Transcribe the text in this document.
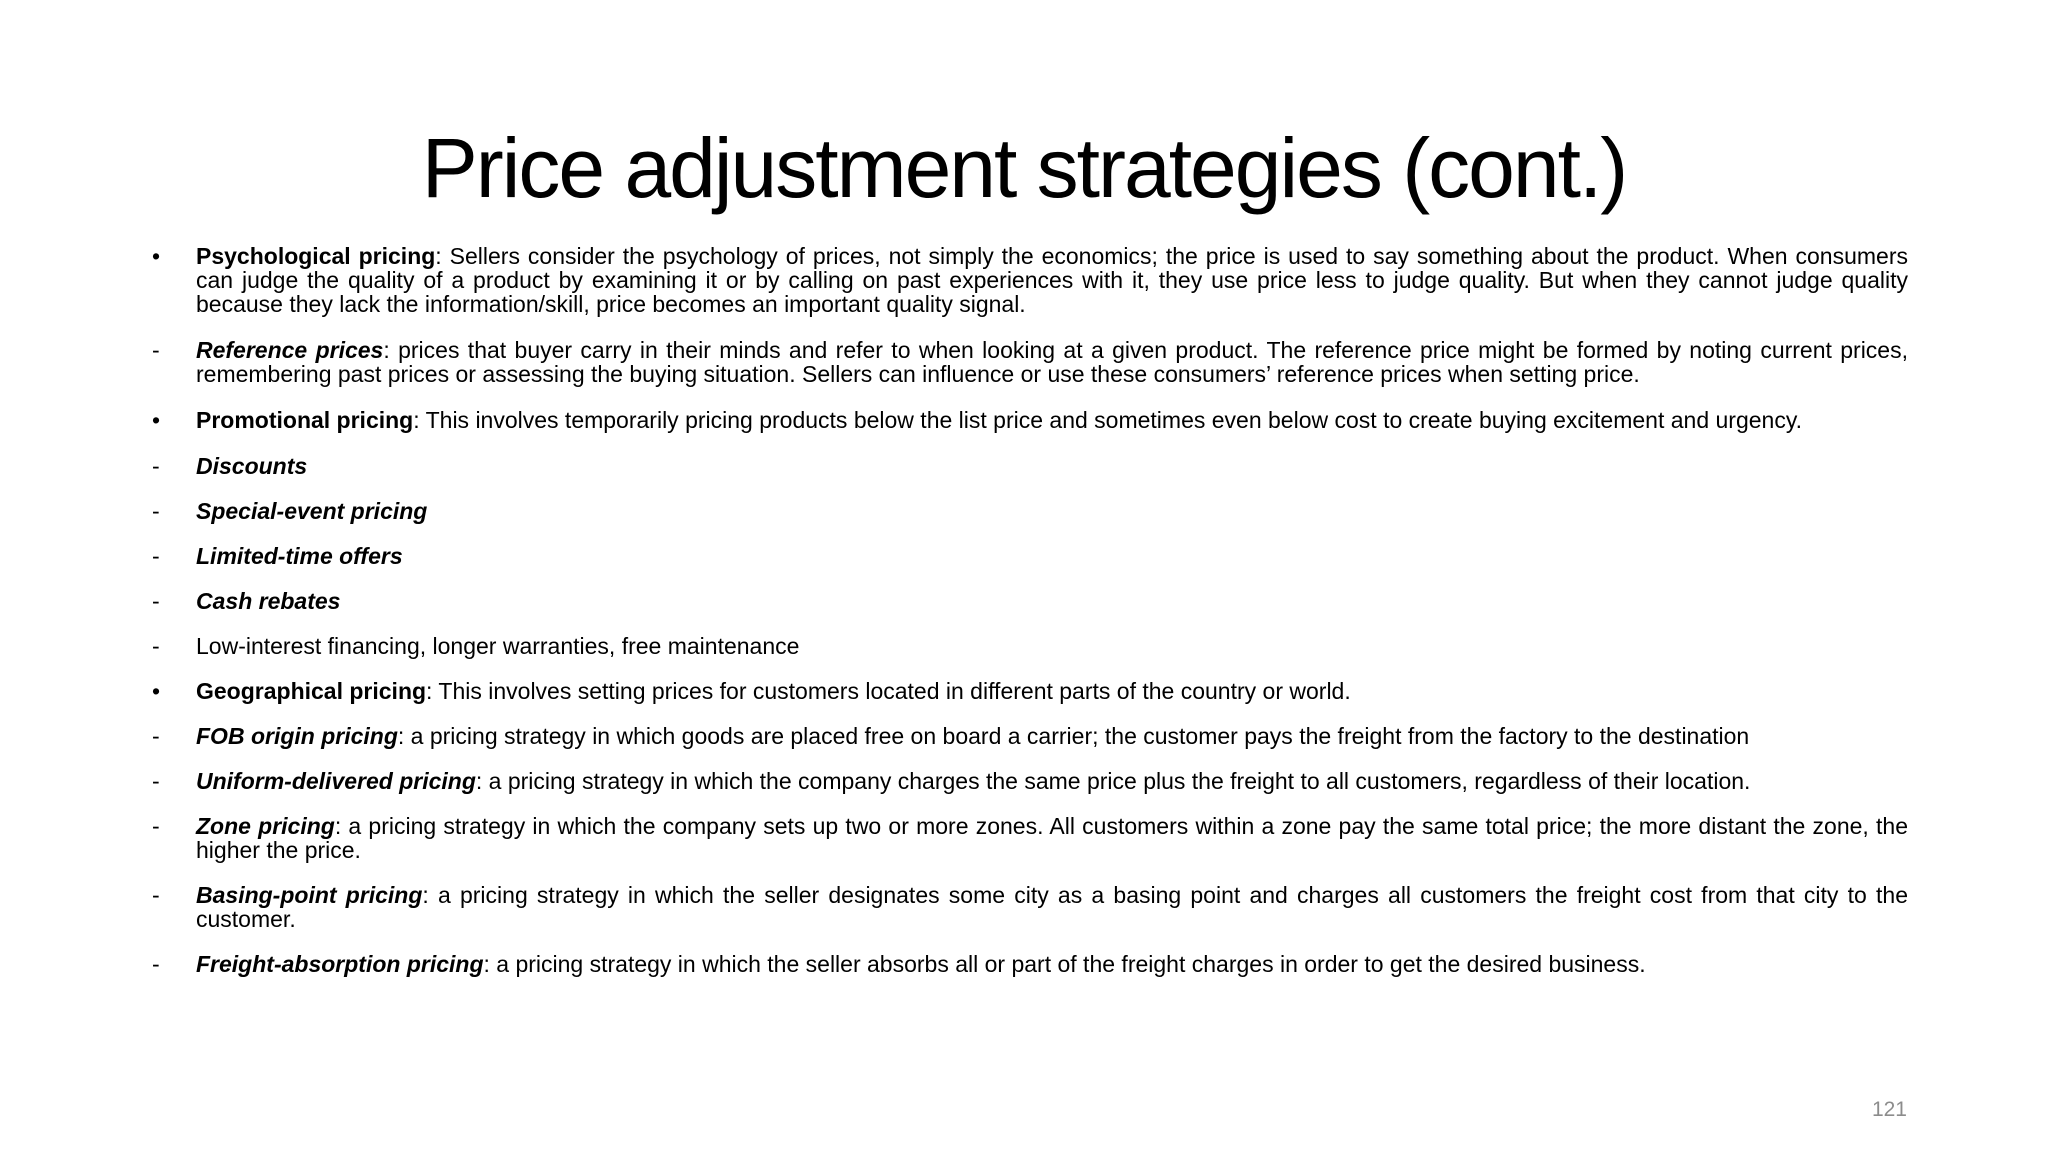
Price adjustment strategies (cont.)
•	Psychological pricing: Sellers consider the psychology of prices, not simply the economics; the price is used to say something about the product. When consumers can judge the quality of a product by examining it or by calling on past experiences with it, they use price less to judge quality. But when they cannot judge quality because they lack the information/skill, price becomes an important quality signal.
-	Reference prices: prices that buyer carry in their minds and refer to when looking at a given product. The reference price might be formed by noting current prices, remembering past prices or assessing the buying situation. Sellers can influence or use these consumers’ reference prices when setting price.
•	Promotional pricing: This involves temporarily pricing products below the list price and sometimes even below cost to create buying excitement and urgency.
-	Discounts
-	Special-event pricing
-	Limited-time offers
-	Cash rebates
-	Low-interest financing, longer warranties, free maintenance
•	Geographical pricing: This involves setting prices for customers located in different parts of the country or world.
-	FOB origin pricing: a pricing strategy in which goods are placed free on board a carrier; the customer pays the freight from the factory to the destination
-	Uniform-delivered pricing: a pricing strategy in which the company charges the same price plus the freight to all customers, regardless of their location.
-	Zone pricing: a pricing strategy in which the company sets up two or more zones. All customers within a zone pay the same total price; the more distant the zone, the higher the price.
-	Basing-point pricing: a pricing strategy in which the seller designates some city as a basing point and charges all customers the freight cost from that city to the customer.
-	Freight-absorption pricing: a pricing strategy in which the seller absorbs all or part of the freight charges in order to get the desired business.
121
